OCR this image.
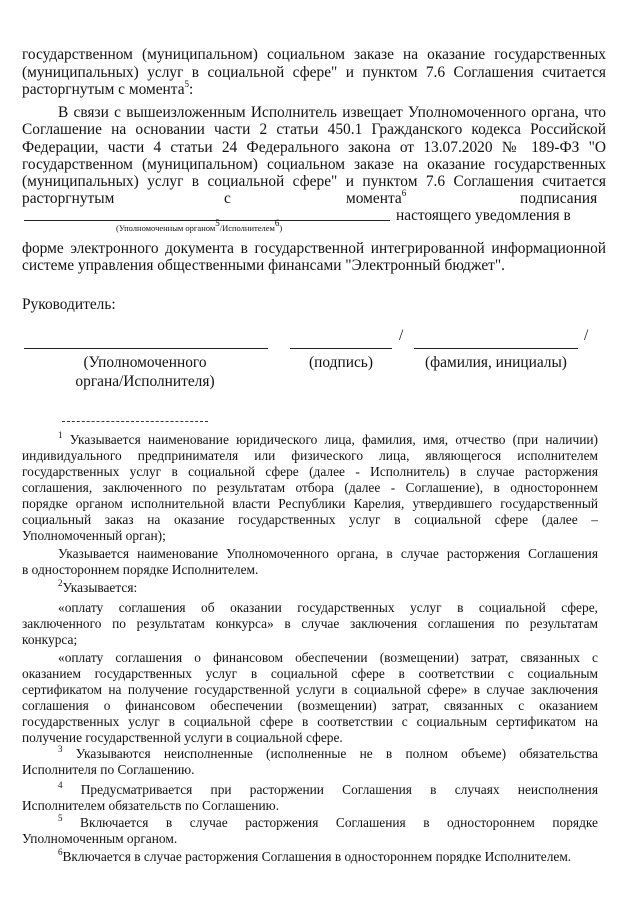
государственном (муниципальном) социальном заказе на оказание государственных
(муниципальных) услуг в социальной сфере" и пунктом 7.6 Соглашения считается
расторгнутым с момента$^5$:
В связи с вышеизложенным Исполнитель извещает Уполномоченного органа, что
Соглашение на основании части 2 статьи 450.1 Гражданского кодекса Российской
Федерации, части 4 статьи 24 Федерального закона от 13.07.2020 № 189-ФЗ "О
государственном (муниципальном) социальном заказе на оказание государственных
(муниципальных) услуг в социальной сфере" и пунктом 7.6 Соглашения считается
расторгнутым	с	момента$^6$	подписания
настоящего уведомления в
(Уполномоченным органом$^5$/Исполнителем$^6$)
форме электронного документа в государственной интегрированной информационной
системе управления общественными финансами "Электронный бюджет".
Руководитель:
/	/
(Уполномоченного
органа/Исполнителя)
(подпись)	(фамилия, инициалы)
$^1$ Указывается наименование юридического лица, фамилия, имя, отчество (при наличии)
индивидуального предпринимателя или физического лица, являющегося исполнителем
государственных услуг в социальной сфере (далее - Исполнитель) в случае расторжения
соглашения, заключенного по результатам отбора (далее - Соглашение), в одностороннем
порядке органом исполнительной власти Республики Карелия, утвердившего государственный
социальный заказ на оказание государственных услуг в социальной сфере (далее –
Уполномоченный орган);
Указывается наименование Уполномоченного органа, в случае расторжения Соглашения
в одностороннем порядке Исполнителем.
$^2$Указывается:
«оплату соглашения об оказании государственных услуг в социальной сфере,
заключенного по результатам конкурса» в случае заключения соглашения по результатам
конкурса;
«оплату соглашения о финансовом обеспечении (возмещении) затрат, связанных с
оказанием государственных услуг в социальной сфере в соответствии с социальным
сертификатом на получение государственной услуги в социальной сфере» в случае заключения
соглашения о финансовом обеспечении (возмещении) затрат, связанных с оказанием
государственных услуг в социальной сфере в соответствии с социальным сертификатом на
получение государственной услуги в социальной сфере.
$^3$ Указываются неисполненные (исполненные не в полном объеме) обязательства
Исполнителя по Соглашению.
$^4$ Предусматривается при расторжении Соглашения в случаях неисполнения
Исполнителем обязательств по Соглашению.
$^5$ Включается в случае расторжения Соглашения в одностороннем порядке
Уполномоченным органом.
$^6$Включается в случае расторжения Соглашения в одностороннем порядке Исполнителем.
